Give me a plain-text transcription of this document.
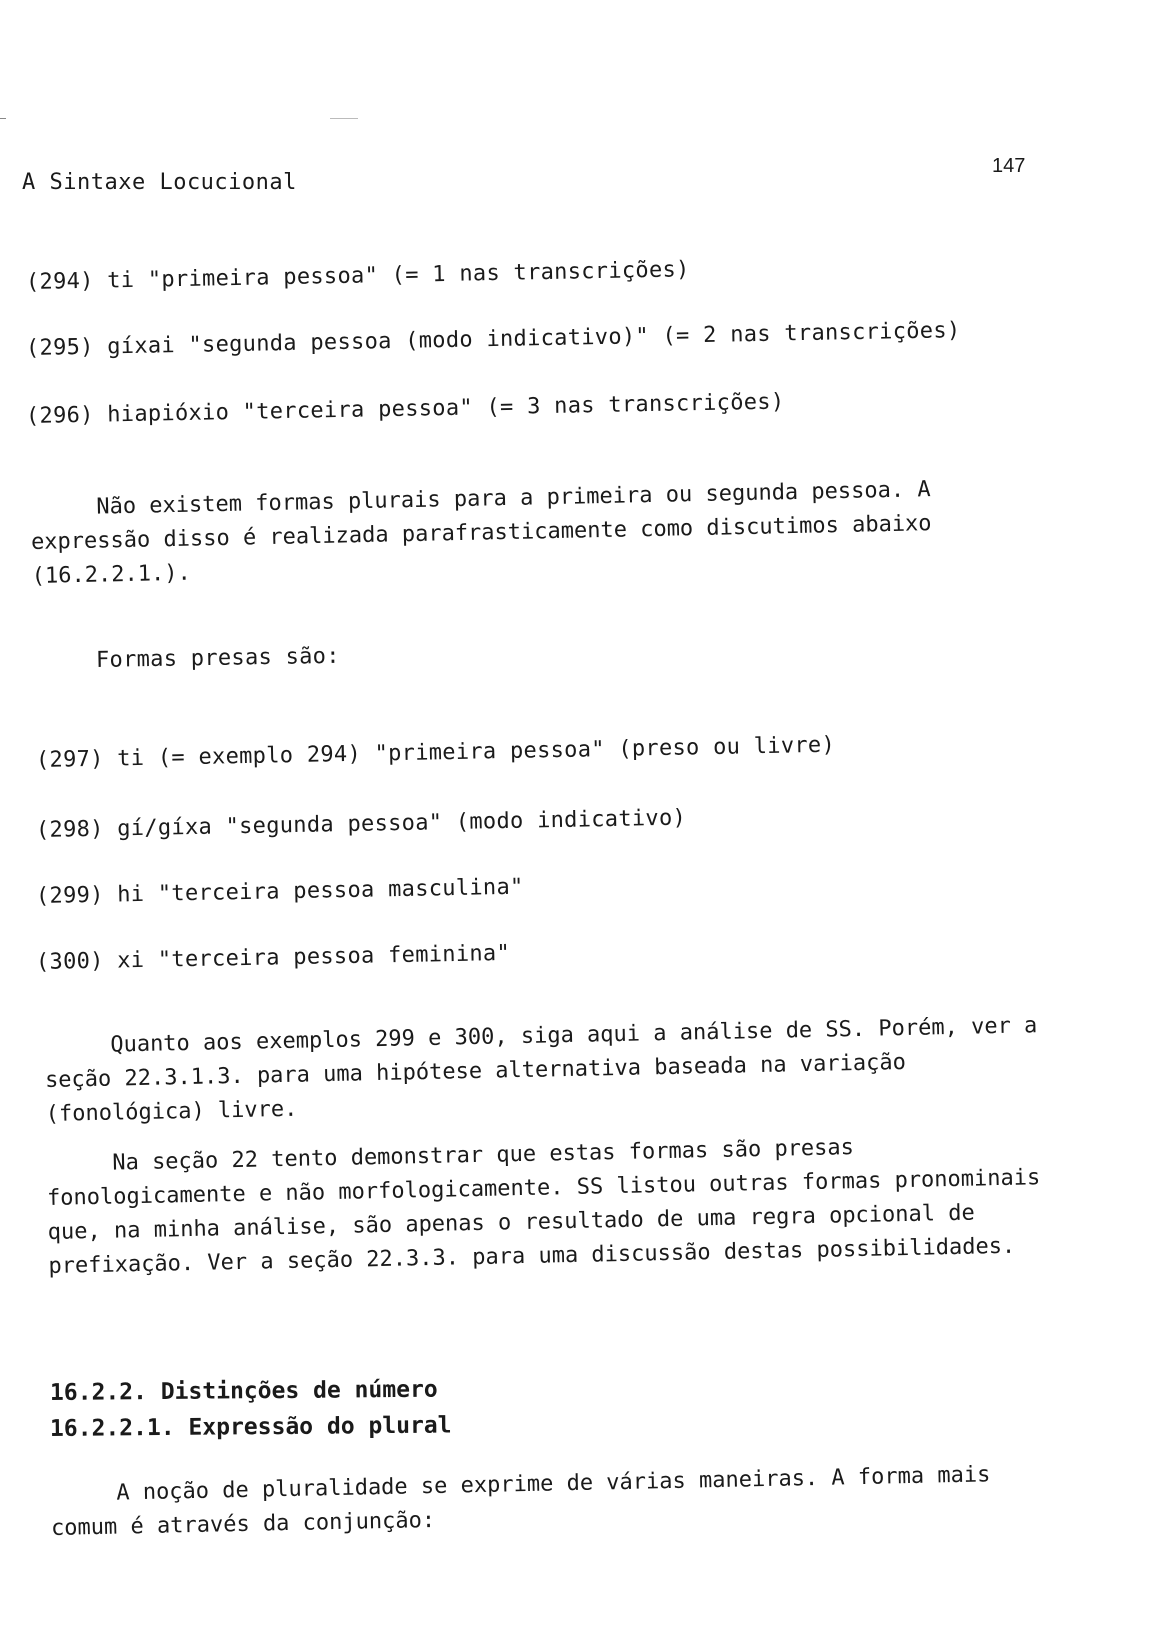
A Sintaxe Locucional
147
(294) ti "primeira pessoa" (= 1 nas transcrições)
(295) gíxai "segunda pessoa (modo indicativo)" (= 2 nas transcrições)
(296) hiapióxio "terceira pessoa" (= 3 nas transcrições)
Não existem formas plurais para a primeira ou segunda pessoa. A
expressão disso é realizada parafrasticamente como discutimos abaixo
(16.2.2.1.).
Formas presas são:
(297) ti (= exemplo 294) "primeira pessoa" (preso ou livre)
(298) gí/gíxa "segunda pessoa" (modo indicativo)
(299) hi "terceira pessoa masculina"
(300) xi "terceira pessoa feminina"
Quanto aos exemplos 299 e 300, siga aqui a análise de SS. Porém, ver a
seção 22.3.1.3. para uma hipótese alternativa baseada na variação
(fonológica) livre.
Na seção 22 tento demonstrar que estas formas são presas
fonologicamente e não morfologicamente. SS listou outras formas pronominais
que, na minha análise, são apenas o resultado de uma regra opcional de
prefixação. Ver a seção 22.3.3. para uma discussão destas possibilidades.
16.2.2. Distinções de número
16.2.2.1. Expressão do plural
A noção de pluralidade se exprime de várias maneiras. A forma mais
comum é através da conjunção:
